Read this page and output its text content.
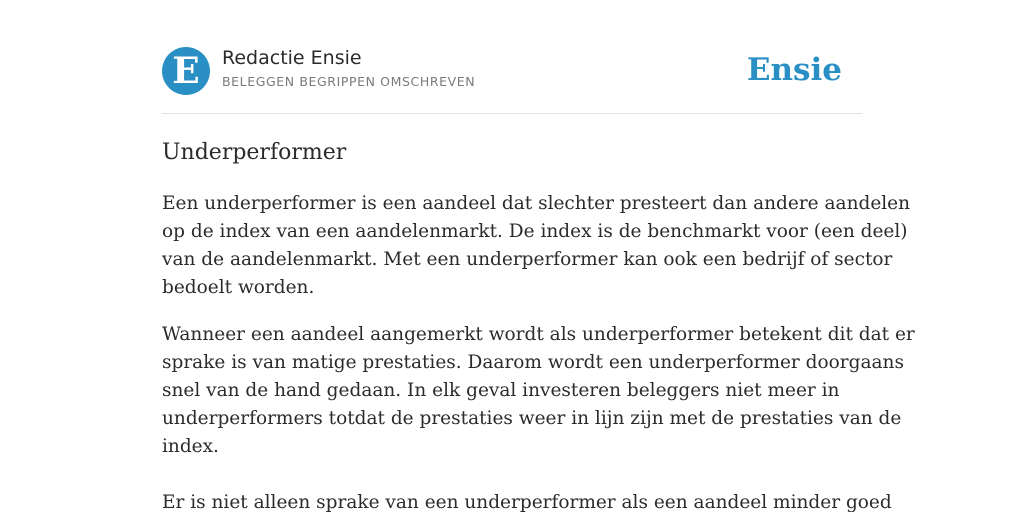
E	Redactie Ensie
BELEGGEN BEGRIPPEN OMSCHREVEN	Ensie
Underperformer

Een underperformer is een aandeel dat slechter presteert dan andere aandelen
op de index van een aandelenmarkt. De index is de benchmarkt voor (een deel)
van de aandelenmarkt. Met een underperformer kan ook een bedrijf of sector
bedoelt worden.

Wanneer een aandeel aangemerkt wordt als underperformer betekent dit dat er
sprake is van matige prestaties. Daarom wordt een underperformer doorgaans
snel van de hand gedaan. In elk geval investeren beleggers niet meer in
underperformers totdat de prestaties weer in lijn zijn met de prestaties van de
index.

Er is niet alleen sprake van een underperformer als een aandeel minder goed
